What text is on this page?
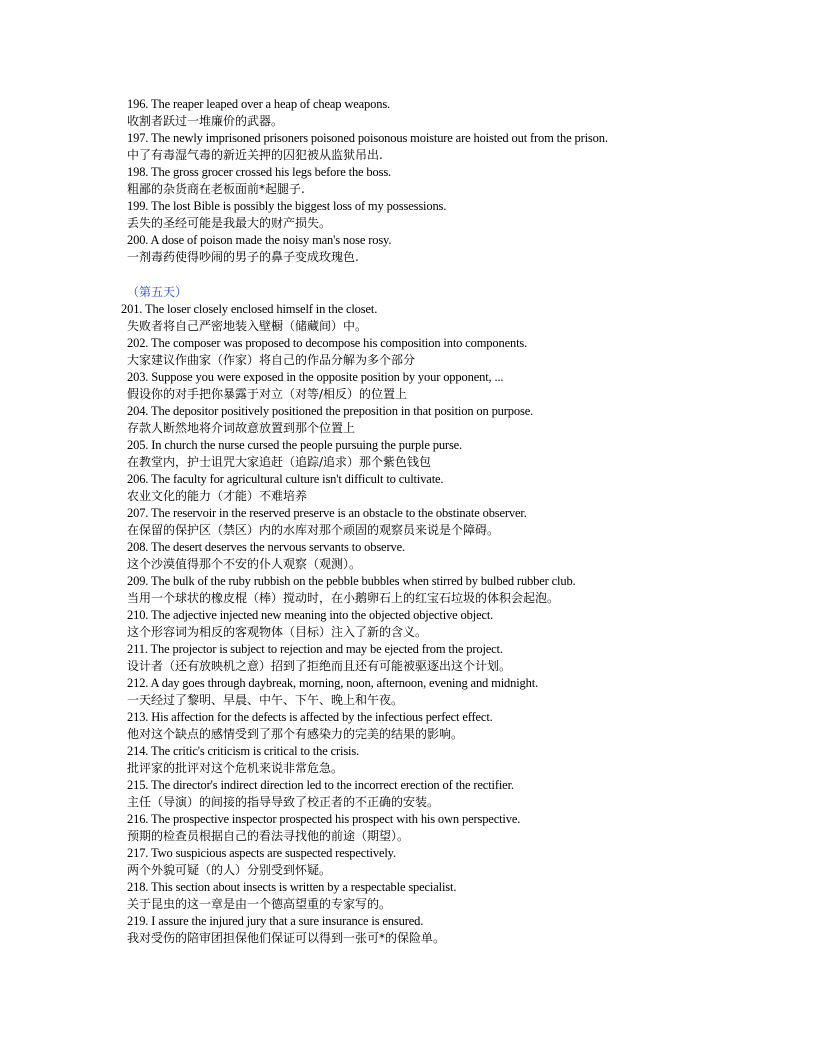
196. The reaper leaped over a heap of cheap weapons.
收割者跃过一堆廉价的武器。
197. The newly imprisoned prisoners poisoned poisonous moisture are hoisted out from the prison.
中了有毒湿气毒的新近关押的囚犯被从监狱吊出.
198. The gross grocer crossed his legs before the boss.
粗鄙的杂货商在老板面前*起腿子.
199. The lost Bible is possibly the biggest loss of my possessions.
丢失的圣经可能是我最大的财产损失。
200. A dose of poison made the noisy man's nose rosy.
一剂毒药使得吵闹的男子的鼻子变成玫瑰色.
（第五天）
201. The loser closely enclosed himself in the closet.
失败者将自己严密地装入壁橱（储藏间）中。
202. The composer was proposed to decompose his composition into components.
大家建议作曲家（作家）将自己的作品分解为多个部分
203. Suppose you were exposed in the opposite position by your opponent, ...
假设你的对手把你暴露于对立（对等/相反）的位置上
204. The depositor positively positioned the preposition in that position on purpose.
存款人断然地将介词故意放置到那个位置上
205. In church the nurse cursed the people pursuing the purple purse.
在教堂内，护士诅咒大家追赶（追踪/追求）那个紫色钱包
206. The faculty for agricultural culture isn't difficult to cultivate.
农业文化的能力（才能）不难培养
207. The reservoir in the reserved preserve is an obstacle to the obstinate observer.
在保留的保护区（禁区）内的水库对那个顽固的观察员来说是个障碍。
208. The desert deserves the nervous servants to observe.
这个沙漠值得那个不安的仆人观察（观测）。
209. The bulk of the ruby rubbish on the pebble bubbles when stirred by bulbed rubber club.
当用一个球状的橡皮棍（棒）搅动时，在小鹅卵石上的红宝石垃圾的体积会起泡。
210. The adjective injected new meaning into the objected objective object.
这个形容词为相反的客观物体（目标）注入了新的含义。
211. The projector is subject to rejection and may be ejected from the project.
设计者（还有放映机之意）招到了拒绝而且还有可能被驱逐出这个计划。
212. A day goes through daybreak, morning, noon, afternoon, evening and midnight.
一天经过了黎明、早晨、中午、下午、晚上和午夜。
213. His affection for the defects is affected by the infectious perfect effect.
他对这个缺点的感情受到了那个有感染力的完美的结果的影响。
214. The critic's criticism is critical to the crisis.
批评家的批评对这个危机来说非常危急。
215. The director's indirect direction led to the incorrect erection of the rectifier.
主任（导演）的间接的指导导致了校正者的不正确的安装。
216. The prospective inspector prospected his prospect with his own perspective.
预期的检查员根据自己的看法寻找他的前途（期望）。
217. Two suspicious aspects are suspected respectively.
两个外貌可疑（的人）分别受到怀疑。
218. This section about insects is written by a respectable specialist.
关于昆虫的这一章是由一个德高望重的专家写的。
219. I assure the injured jury that a sure insurance is ensured.
我对受伤的陪审团担保他们保证可以得到一张可*的保险单。
